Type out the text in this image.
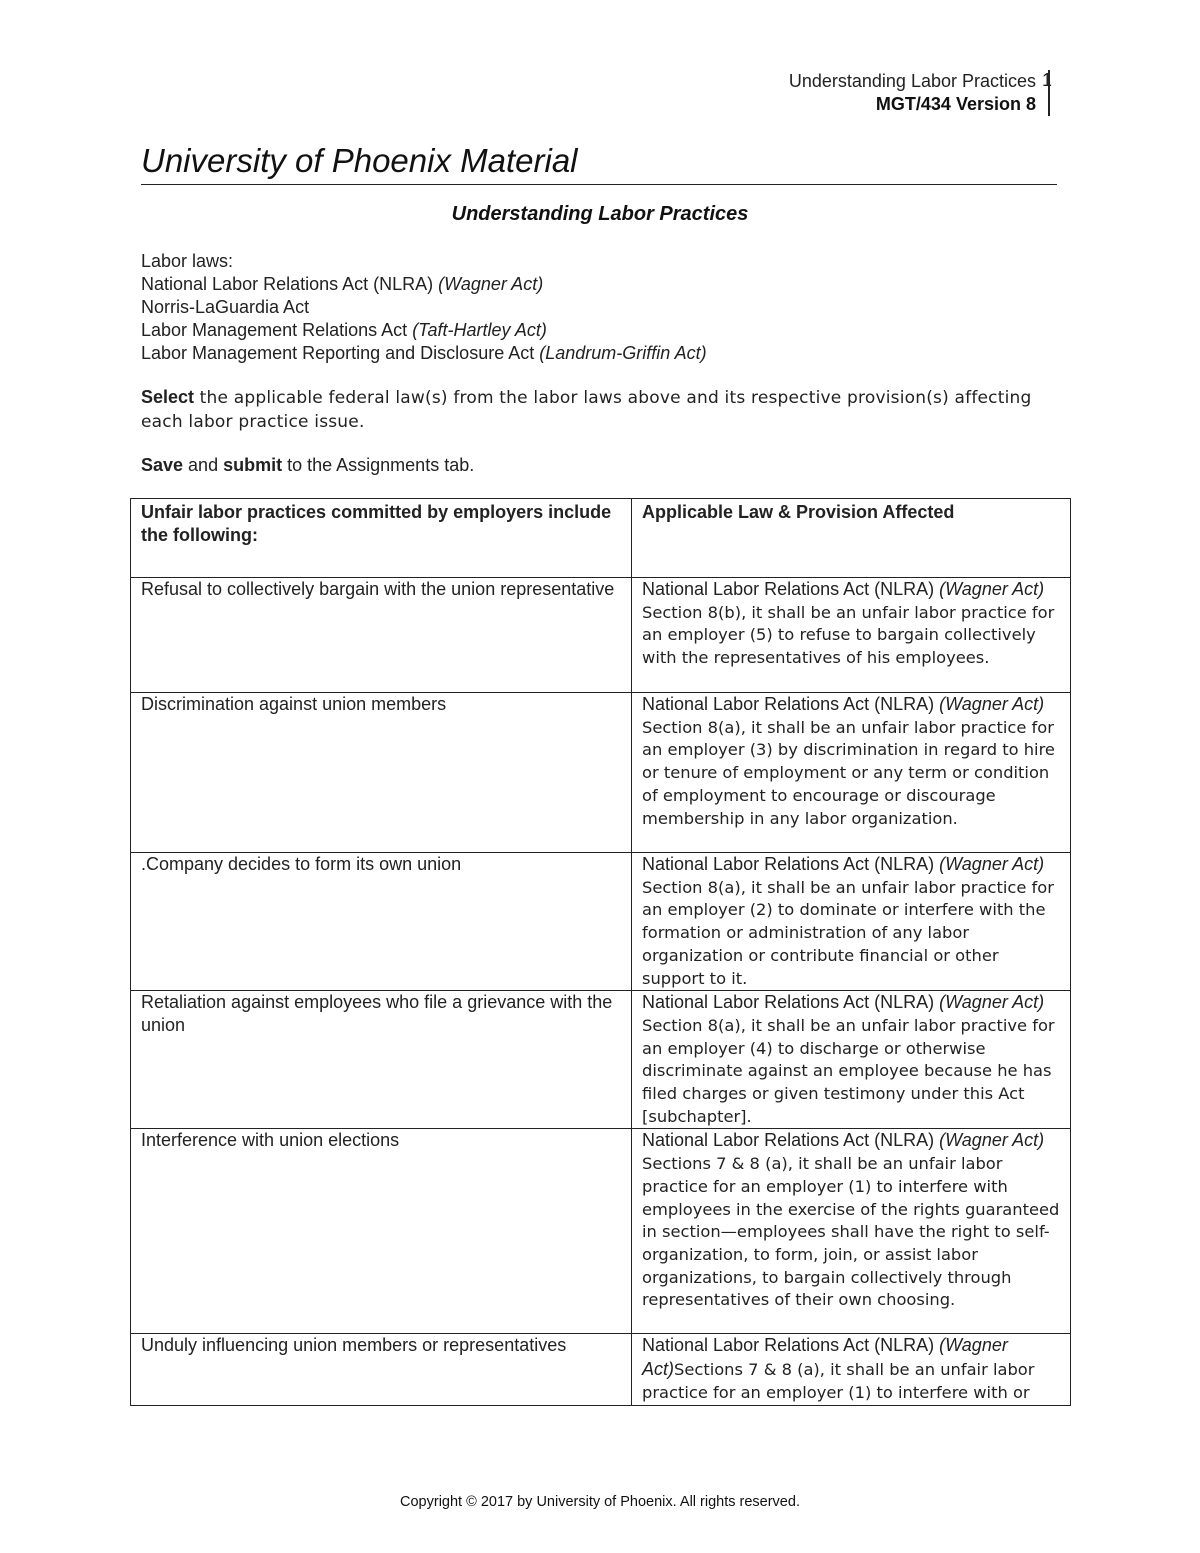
Understanding Labor Practices
MGT/434 Version 8
1
University of Phoenix Material
Understanding Labor Practices
Labor laws:
National Labor Relations Act (NLRA) (Wagner Act)
Norris-LaGuardia Act
Labor Management Relations Act (Taft-Hartley Act)
Labor Management Reporting and Disclosure Act (Landrum-Griffin Act)
Select the applicable federal law(s) from the labor laws above and its respective provision(s) affecting each labor practice issue.
Save and submit to the Assignments tab.
Unfair labor practices committed by employers include the following:	Applicable Law & Provision Affected
Refusal to collectively bargain with the union representative	National Labor Relations Act (NLRA) (Wagner Act) Section 8(b), it shall be an unfair labor practice for an employer (5) to refuse to bargain collectively with the representatives of his employees.
Discrimination against union members	National Labor Relations Act (NLRA) (Wagner Act) Section 8(a), it shall be an unfair labor practice for an employer (3) by discrimination in regard to hire or tenure of employment or any term or condition of employment to encourage or discourage membership in any labor organization.
.Company decides to form its own union	National Labor Relations Act (NLRA) (Wagner Act) Section 8(a), it shall be an unfair labor practice for an employer (2) to dominate or interfere with the formation or administration of any labor organization or contribute financial or other support to it.
Retaliation against employees who file a grievance with the union	National Labor Relations Act (NLRA) (Wagner Act) Section 8(a), it shall be an unfair labor practive for an employer (4) to discharge or otherwise discriminate against an employee because he has filed charges or given testimony under this Act [subchapter].
Interference with union elections	National Labor Relations Act (NLRA) (Wagner Act) Sections 7 & 8 (a), it shall be an unfair labor practice for an employer (1) to interfere with employees in the exercise of the rights guaranteed in section—employees shall have the right to self-organization, to form, join, or assist labor organizations, to bargain collectively through representatives of their own choosing.
Unduly influencing union members or representatives	National Labor Relations Act (NLRA) (Wagner Act)Sections 7 & 8 (a), it shall be an unfair labor practice for an employer (1) to interfere with or
Copyright © 2017 by University of Phoenix. All rights reserved.
